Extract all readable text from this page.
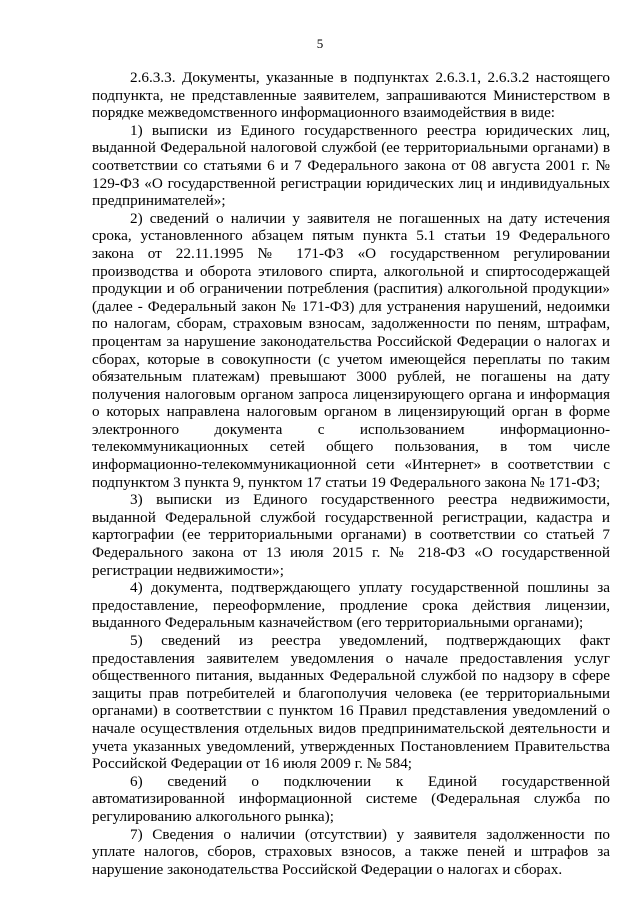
5

2.6.3.3. Документы, указанные в подпунктах 2.6.3.1, 2.6.3.2 настоящего подпункта, не представленные заявителем, запрашиваются Министерством в порядке межведомственного информационного взаимодействия в виде:

1) выписки из Единого государственного реестра юридических лиц, выданной Федеральной налоговой службой (ее территориальными органами) в соответствии со статьями 6 и 7 Федерального закона от 08 августа 2001 г. № 129-ФЗ «О государственной регистрации юридических лиц и индивидуальных предпринимателей»;

2) сведений о наличии у заявителя не погашенных на дату истечения срока, установленного абзацем пятым пункта 5.1 статьи 19 Федерального закона от 22.11.1995 № 171-ФЗ «О государственном регулировании производства и оборота этилового спирта, алкогольной и спиртосодержащей продукции и об ограничении потребления (распития) алкогольной продукции» (далее - Федеральный закон № 171-ФЗ) для устранения нарушений, недоимки по налогам, сборам, страховым взносам, задолженности по пеням, штрафам, процентам за нарушение законодательства Российской Федерации о налогах и сборах, которые в совокупности (с учетом имеющейся переплаты по таким обязательным платежам) превышают 3000 рублей, не погашены на дату получения налоговым органом запроса лицензирующего органа и информация о которых направлена налоговым органом в лицензирующий орган в форме электронного документа с использованием информационно-телекоммуникационных сетей общего пользования, в том числе информационно-телекоммуникационной сети «Интернет» в соответствии с подпунктом 3 пункта 9, пунктом 17 статьи 19 Федерального закона № 171-ФЗ;

3) выписки из Единого государственного реестра недвижимости, выданной Федеральной службой государственной регистрации, кадастра и картографии (ее территориальными органами) в соответствии со статьей 7 Федерального закона от 13 июля 2015 г. № 218-ФЗ «О государственной регистрации недвижимости»;

4) документа, подтверждающего уплату государственной пошлины за предоставление, переоформление, продление срока действия лицензии, выданного Федеральным казначейством (его территориальными органами);

5) сведений из реестра уведомлений, подтверждающих факт предоставления заявителем уведомления о начале предоставления услуг общественного питания, выданных Федеральной службой по надзору в сфере защиты прав потребителей и благополучия человека (ее территориальными органами) в соответствии с пунктом 16 Правил представления уведомлений о начале осуществления отдельных видов предпринимательской деятельности и учета указанных уведомлений, утвержденных Постановлением Правительства Российской Федерации от 16 июля 2009 г. № 584;

6) сведений о подключении к Единой государственной автоматизированной информационной системе (Федеральная служба по регулированию алкогольного рынка);

7) Сведения о наличии (отсутствии) у заявителя задолженности по уплате налогов, сборов, страховых взносов, а также пеней и штрафов за нарушение законодательства Российской Федерации о налогах и сборах.
